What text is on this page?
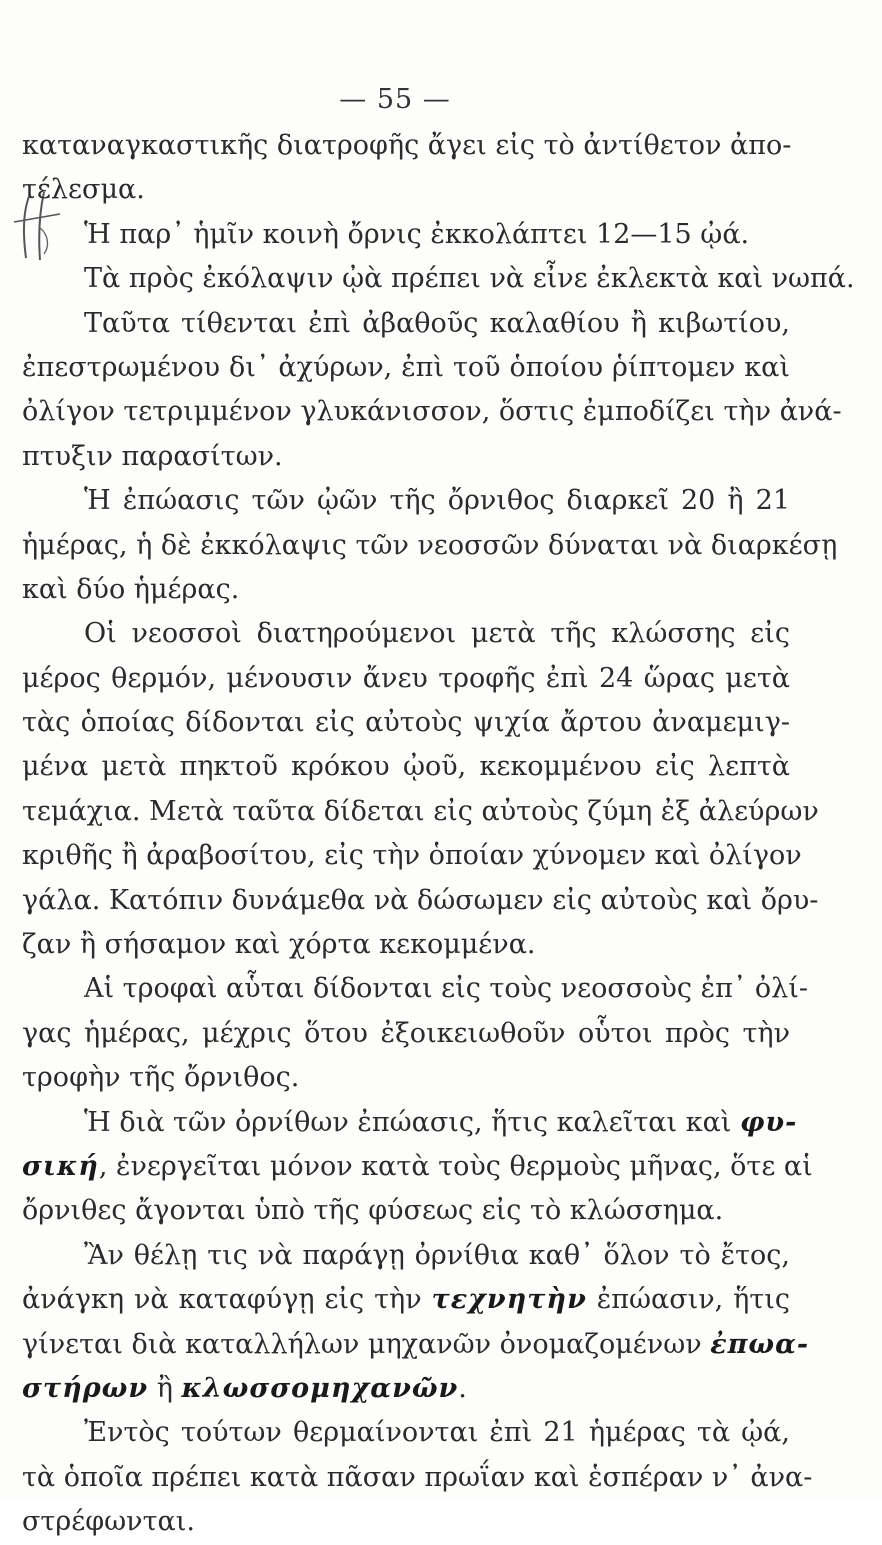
— 55 —
καταναγκαστικῆς διατροφῆς ἄγει εἰς τὸ ἀντίθετον ἀπο-
τέλεσμα.
Ἡ παρ᾽ ἡμῖν κοινὴ ὄρνις ἐκκολάπτει 12—15 ᾠά.
Τὰ πρὸς ἐκόλαψιν ᾠὰ πρέπει νὰ εἶνε ἐκλεκτὰ καὶ νωπά.
Ταῦτα τίθενται ἐπὶ ἀβαθοῦς καλαθίου ἢ κιβωτίου,
ἐπεστρωμένου δι᾽ ἀχύρων, ἐπὶ τοῦ ὁποίου ῥίπτομεν καὶ
ὀλίγον τετριμμένον γλυκάνισσον, ὅστις ἐμποδίζει τὴν ἀνά-
πτυξιν παρασίτων.
Ἡ ἐπώασις τῶν ᾠῶν τῆς ὄρνιθος διαρκεῖ 20 ἢ 21
ἡμέρας, ἡ δὲ ἐκκόλαψις τῶν νεοσσῶν δύναται νὰ διαρκέσῃ
καὶ δύο ἡμέρας.
Οἱ νεοσσοὶ διατηρούμενοι μετὰ τῆς κλώσσης εἰς
μέρος θερμόν, μένουσιν ἄνευ τροφῆς ἐπὶ 24 ὥρας μετὰ
τὰς ὁποίας δίδονται εἰς αὐτοὺς ψιχία ἄρτου ἀναμεμιγ-
μένα μετὰ πηκτοῦ κρόκου ᾠοῦ, κεκομμένου εἰς λεπτὰ
τεμάχια. Μετὰ ταῦτα δίδεται εἰς αὐτοὺς ζύμη ἐξ ἀλεύρων
κριθῆς ἢ ἀραβοσίτου, εἰς τὴν ὁποίαν χύνομεν καὶ ὀλίγον
γάλα. Κατόπιν δυνάμεθα νὰ δώσωμεν εἰς αὐτοὺς καὶ ὄρυ-
ζαν ἢ σήσαμον καὶ χόρτα κεκομμένα.
Αἱ τροφαὶ αὗται δίδονται εἰς τοὺς νεοσσοὺς ἐπ᾽ ὀλί-
γας ἡμέρας, μέχρις ὅτου ἐξοικειωθοῦν οὗτοι πρὸς τὴν
τροφὴν τῆς ὄρνιθος.
Ἡ διὰ τῶν ὀρνίθων ἐπώασις, ἥτις καλεῖται καὶ φυ-
σική, ἐνεργεῖται μόνον κατὰ τοὺς θερμοὺς μῆνας, ὅτε αἱ
ὄρνιθες ἄγονται ὑπὸ τῆς φύσεως εἰς τὸ κλώσσημα.
Ἂν θέλῃ τις νὰ παράγῃ ὀρνίθια καθ᾽ ὅλον τὸ ἔτος,
ἀνάγκη νὰ καταφύγῃ εἰς τὴν τεχνητὴν ἐπώασιν, ἥτις
γίνεται διὰ καταλλήλων μηχανῶν ὀνομαζομένων ἐπωα-
στήρων ἢ κλωσσομηχανῶν.
Ἐντὸς τούτων θερμαίνονται ἐπὶ 21 ἡμέρας τὰ ᾠά,
τὰ ὁποῖα πρέπει κατὰ πᾶσαν πρωΐαν καὶ ἑσπέραν ν᾽ ἀνα-
στρέφωνται.
